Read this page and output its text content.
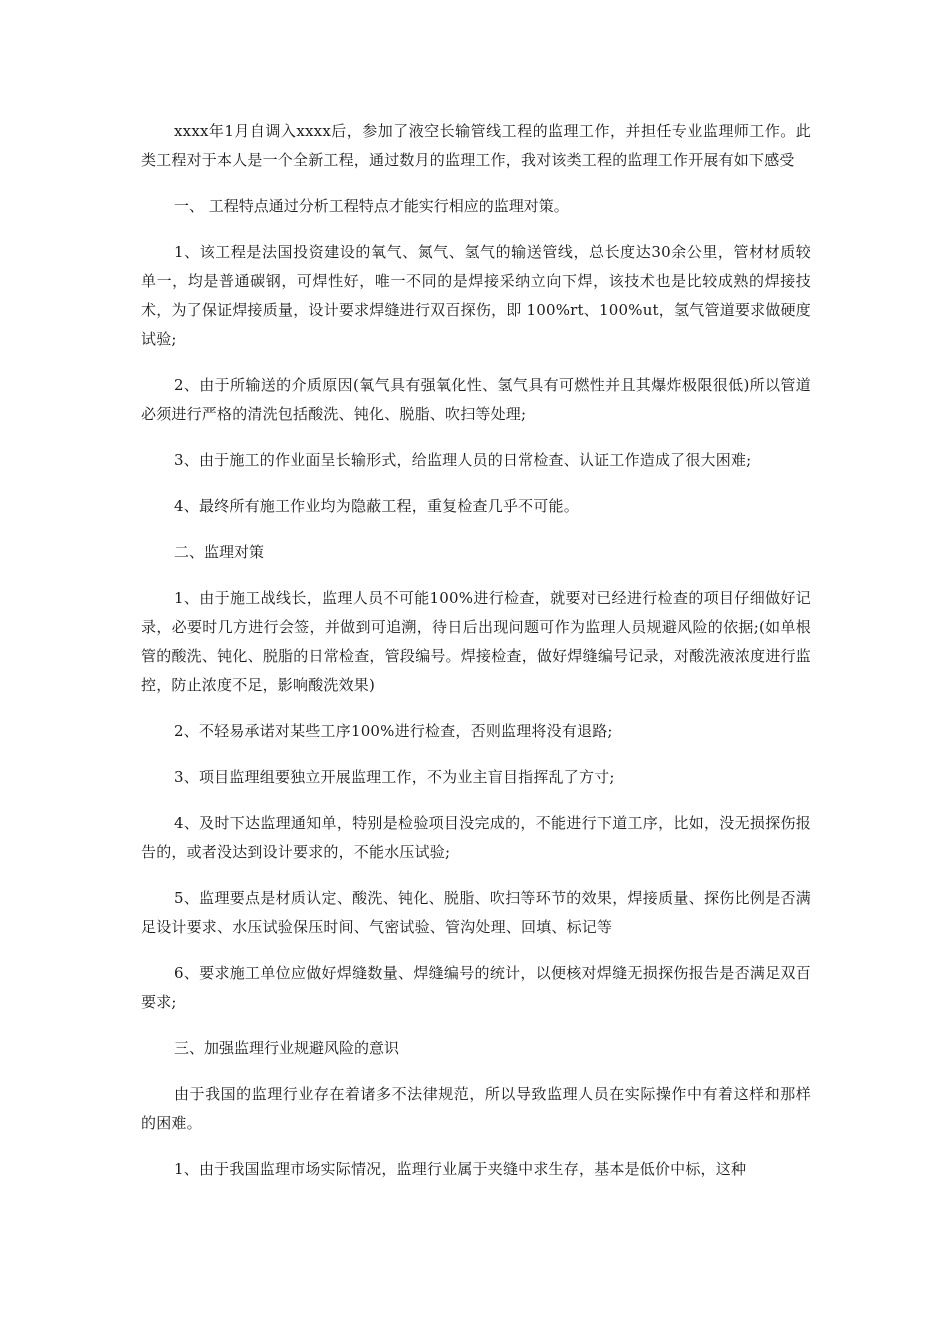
xxxx年1月自调入xxxx后，参加了液空长输管线工程的监理工作，并担任专业监理师工作。此类工程对于本人是一个全新工程，通过数月的监理工作，我对该类工程的监理工作开展有如下感受

一、 工程特点通过分析工程特点才能实行相应的监理对策。

1、该工程是法国投资建设的氧气、氮气、氢气的输送管线，总长度达30余公里，管材材质较单一，均是普通碳钢，可焊性好，唯一不同的是焊接采纳立向下焊，该技术也是比较成熟的焊接技术，为了保证焊接质量，设计要求焊缝进行双百探伤，即 100%rt、100%ut，氢气管道要求做硬度试验;

2、由于所输送的介质原因(氧气具有强氧化性、氢气具有可燃性并且其爆炸极限很低)所以管道必须进行严格的清洗包括酸洗、钝化、脱脂、吹扫等处理;

3、由于施工的作业面呈长输形式，给监理人员的日常检查、认证工作造成了很大困难;

4、最终所有施工作业均为隐蔽工程，重复检查几乎不可能。

二、监理对策

1、由于施工战线长，监理人员不可能100%进行检查，就要对已经进行检查的项目仔细做好记录，必要时几方进行会签，并做到可追溯，待日后出现问题可作为监理人员规避风险的依据;(如单根管的酸洗、钝化、脱脂的日常检查，管段编号。焊接检查，做好焊缝编号记录，对酸洗液浓度进行监控，防止浓度不足，影响酸洗效果)

2、不轻易承诺对某些工序100%进行检查，否则监理将没有退路;

3、项目监理组要独立开展监理工作，不为业主盲目指挥乱了方寸;

4、及时下达监理通知单，特别是检验项目没完成的，不能进行下道工序，比如，没无损探伤报告的，或者没达到设计要求的，不能水压试验;

5、监理要点是材质认定、酸洗、钝化、脱脂、吹扫等环节的效果，焊接质量、探伤比例是否满足设计要求、水压试验保压时间、气密试验、管沟处理、回填、标记等

6、要求施工单位应做好焊缝数量、焊缝编号的统计，以便核对焊缝无损探伤报告是否满足双百要求;

三、加强监理行业规避风险的意识

由于我国的监理行业存在着诸多不法律规范，所以导致监理人员在实际操作中有着这样和那样的困难。

1、由于我国监理市场实际情况，监理行业属于夹缝中求生存，基本是低价中标，这种
